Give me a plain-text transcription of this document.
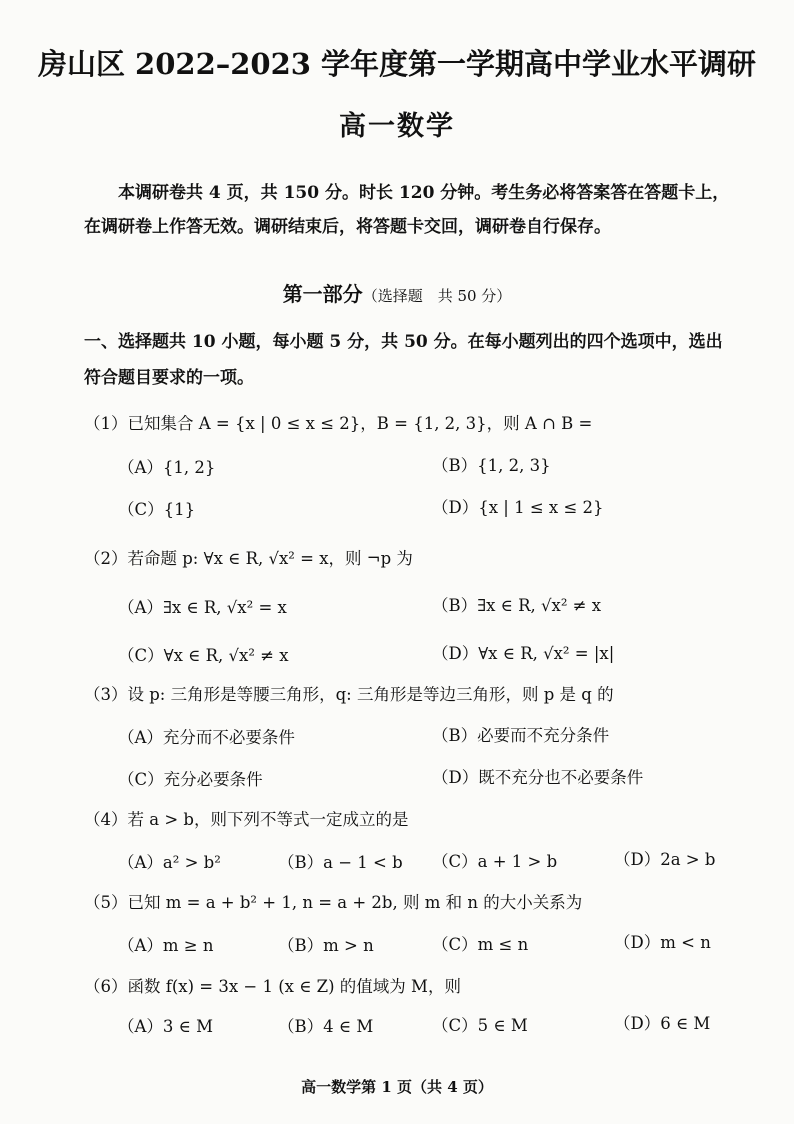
房山区 2022–2023 学年度第一学期高中学业水平调研
高一数学
本调研卷共 4 页，共 150 分。时长 120 分钟。考生务必将答案答在答题卡上，在调研卷上作答无效。调研结束后，将答题卡交回，调研卷自行保存。
第一部分（选择题　共 50 分）
一、选择题共 10 小题，每小题 5 分，共 50 分。在每小题列出的四个选项中，选出符合题目要求的一项。
（1）已知集合 A = {x | 0 ≤ x ≤ 2}，B = {1, 2, 3}，则 A ∩ B =
（A）{1, 2}	（B）{1, 2, 3}
（C）{1}	（D）{x | 1 ≤ x ≤ 2}
（2）若命题 p: ∀x ∈ R, √x² = x，则 ¬p 为
（A）∃x ∈ R, √x² = x	（B）∃x ∈ R, √x² ≠ x
（C）∀x ∈ R, √x² ≠ x	（D）∀x ∈ R, √x² = |x|
（3）设 p: 三角形是等腰三角形，q: 三角形是等边三角形，则 p 是 q 的
（A）充分而不必要条件	（B）必要而不充分条件
（C）充分必要条件	（D）既不充分也不必要条件
（4）若 a > b，则下列不等式一定成立的是
（A）a² > b²	（B）a − 1 < b （C）a + 1 > b	（D）2a > b
（5）已知 m = a + b² + 1, n = a + 2b, 则 m 和 n 的大小关系为
（A）m ≥ n	（B）m > n	（C）m ≤ n	（D）m < n
（6）函数 f(x) = 3x − 1 (x ∈ Z) 的值域为 M，则
（A）3 ∈ M	（B）4 ∈ M	（C）5 ∈ M	（D）6 ∈ M
高一数学第 1 页（共 4 页）
